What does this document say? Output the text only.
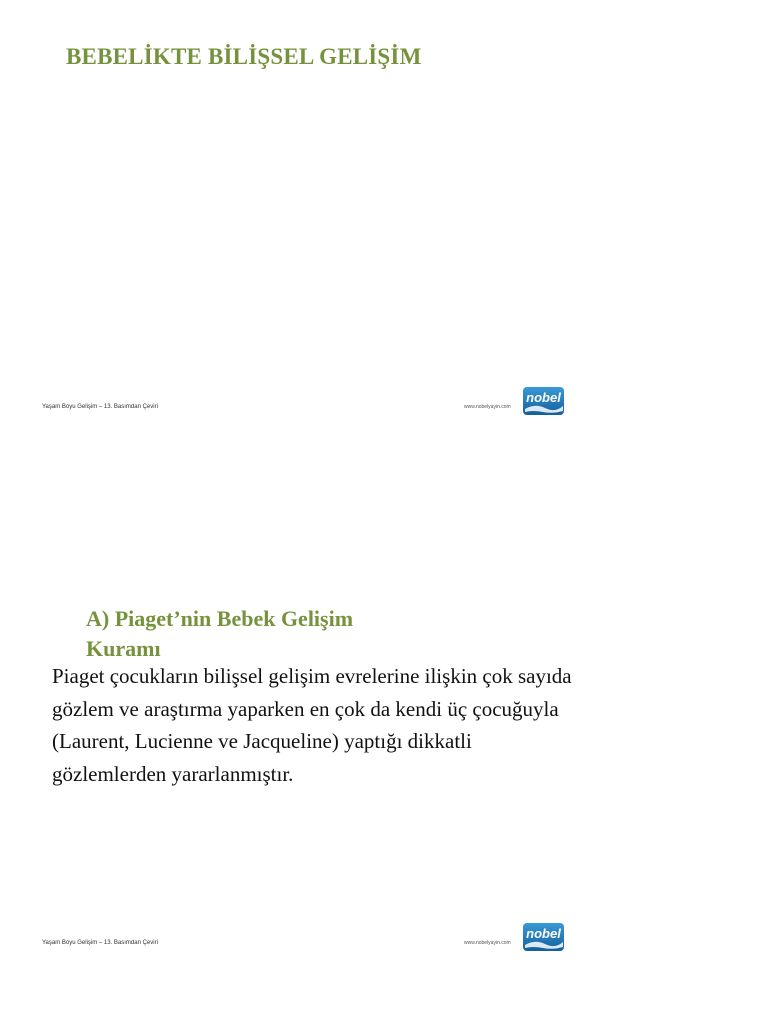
BEBELİKTE BİLİŞSEL GELİŞİM
Yaşam Boyu Gelişim – 13. Basımdan Çeviri	www.nobelyayin.com
nobel
A) Piaget’nin Bebek Gelişim
Kuramı
Piaget çocukların bilişsel gelişim evrelerine ilişkin çok sayıda gözlem ve araştırma yaparken en çok da kendi üç çocuğuyla (Laurent, Lucienne ve Jacqueline) yaptığı dikkatli gözlemlerden yararlanmıştır.
Yaşam Boyu Gelişim – 13. Basımdan Çeviri	www.nobelyayin.com
nobel
